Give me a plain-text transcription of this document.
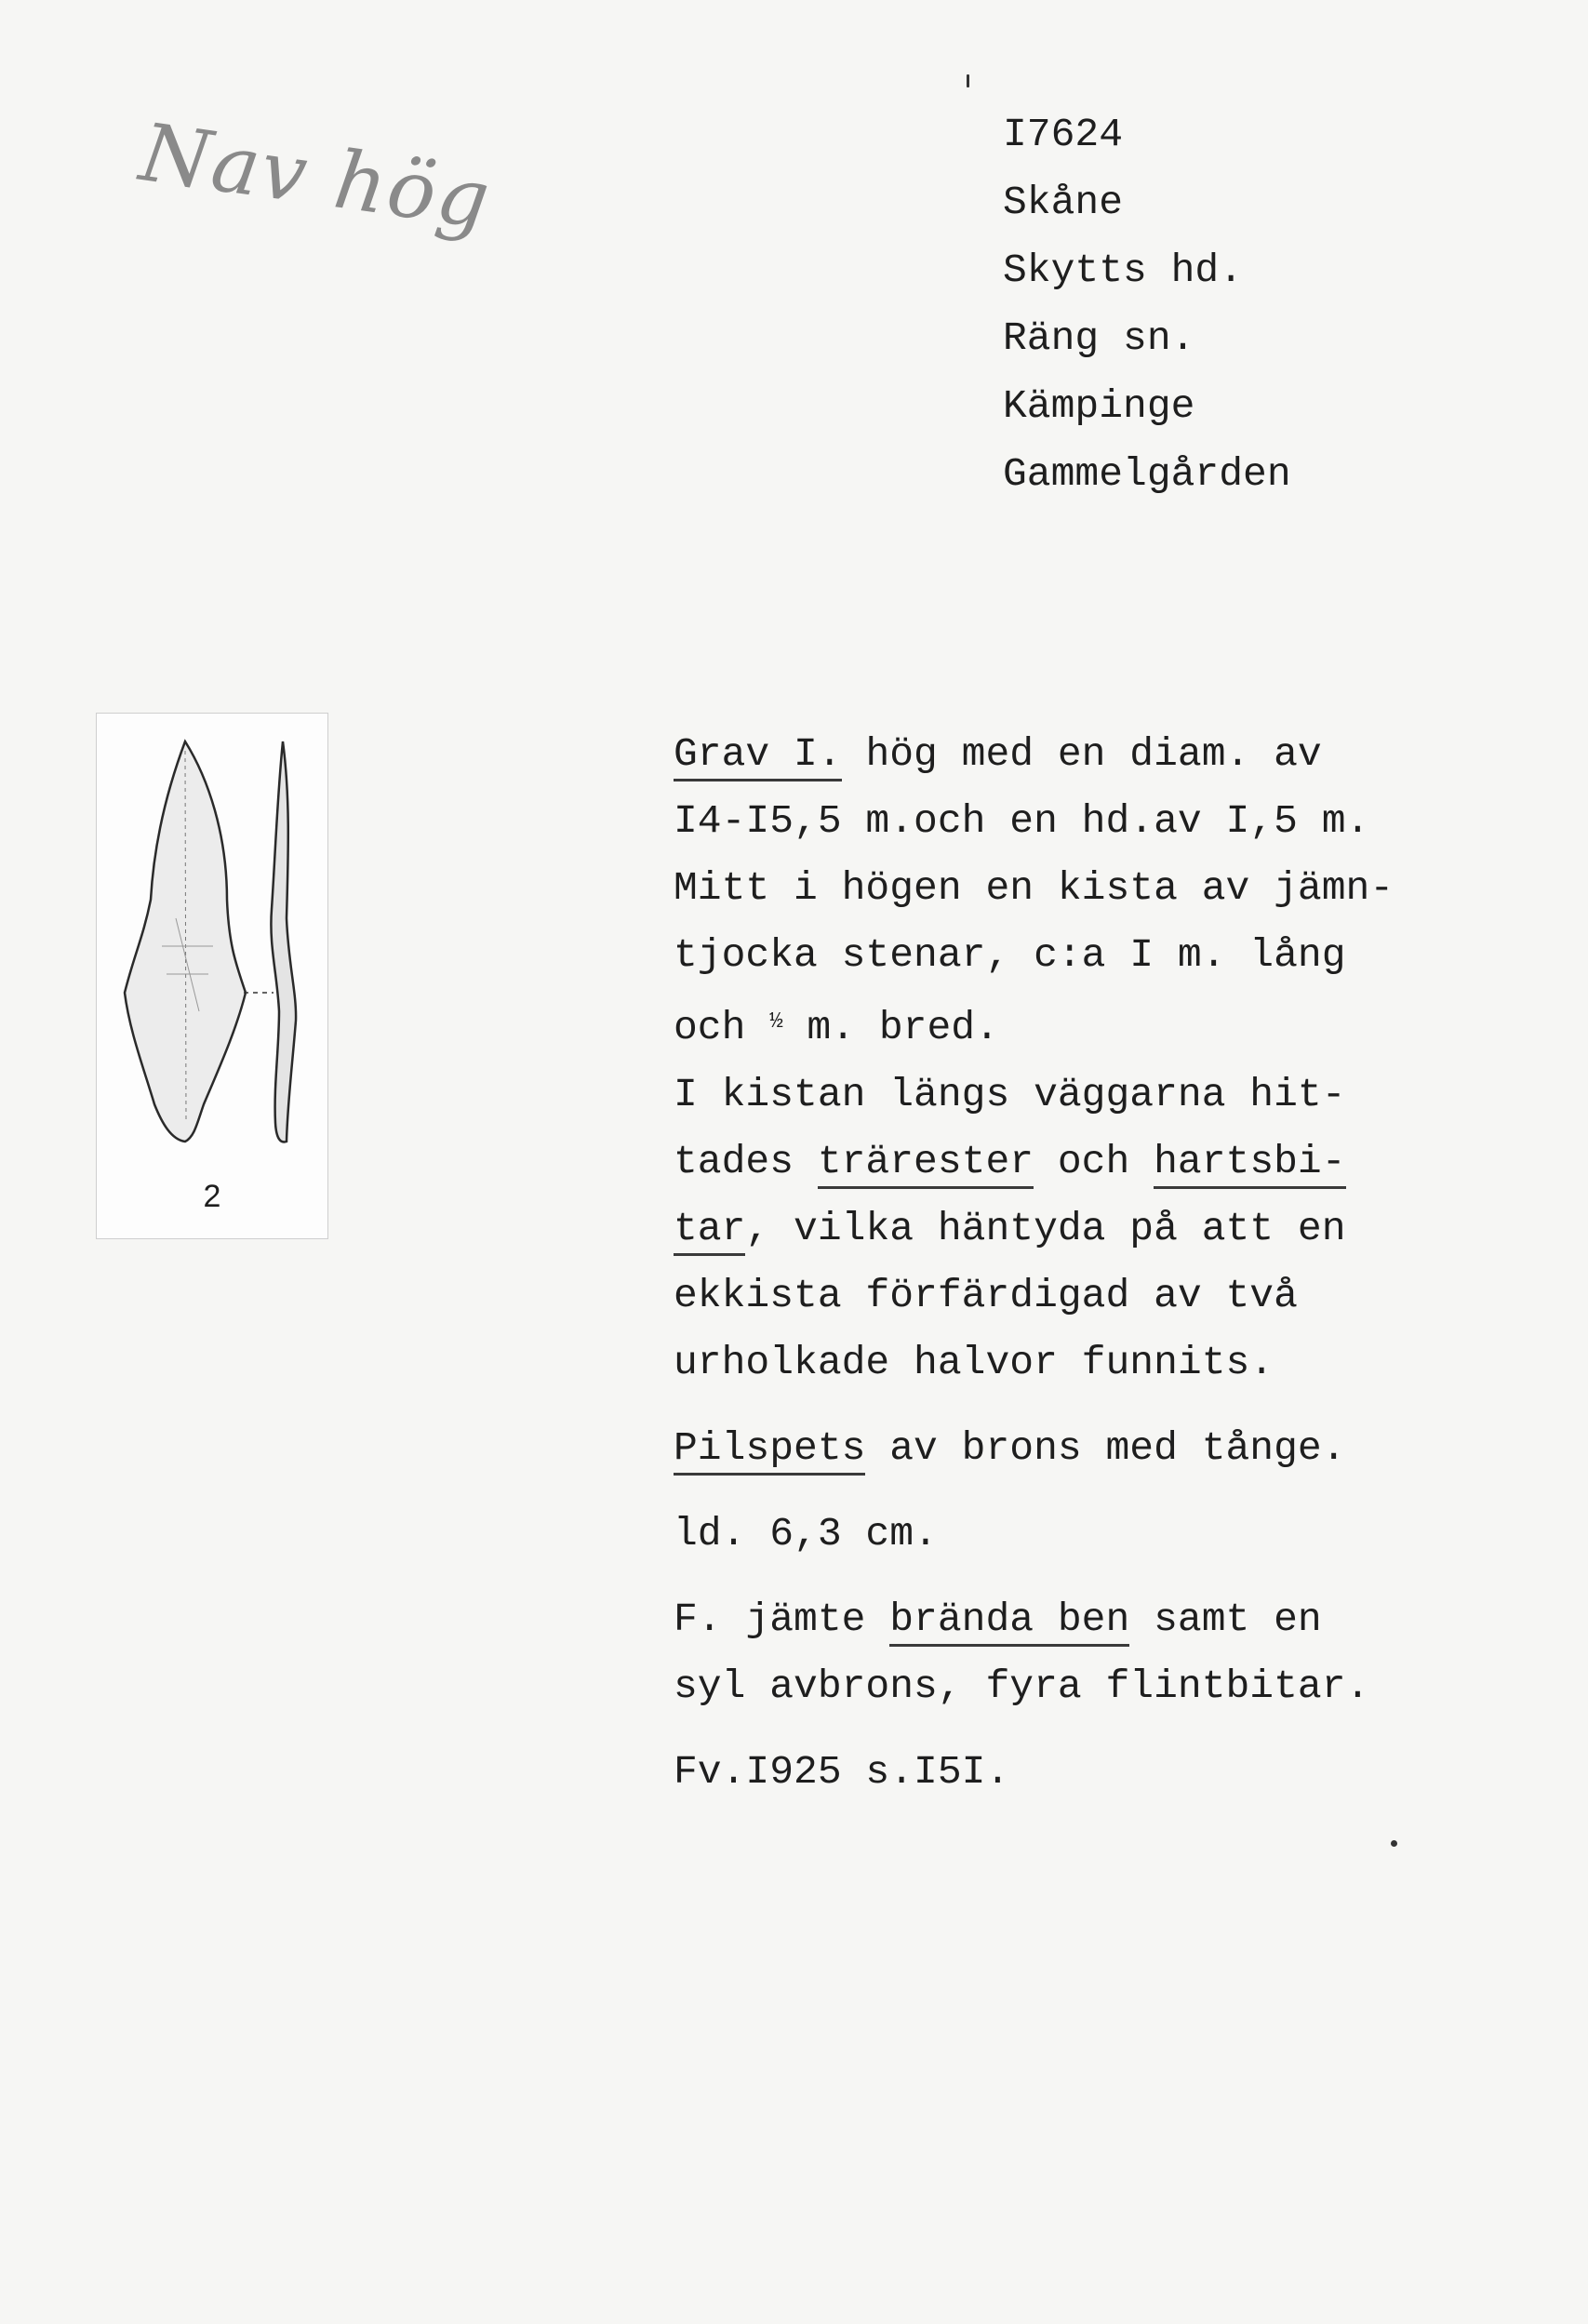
Nav hög	I7624
Skåne
Skytts hd.
Räng sn.
Kämpinge
Gammelgården
2
Grav I. hög med en diam. av
I4-I5,5 m.och en hd.av I,5 m.
Mitt i högen en kista av jämn-
tjocka stenar, c:a I m. lång
och $^{\frac{1}{2}}$ m. bred.
I kistan längs väggarna hit-
tades trärester och hartsbi-
tar, vilka häntyda på att en
ekkista förfärdigad av två
urholkade halvor funnits.
Pilspets av brons med tånge.
ld. 6,3 cm.
F. jämte brända ben samt en
syl avbrons, fyra flintbitar.
Fv.I925 s.I5I.
